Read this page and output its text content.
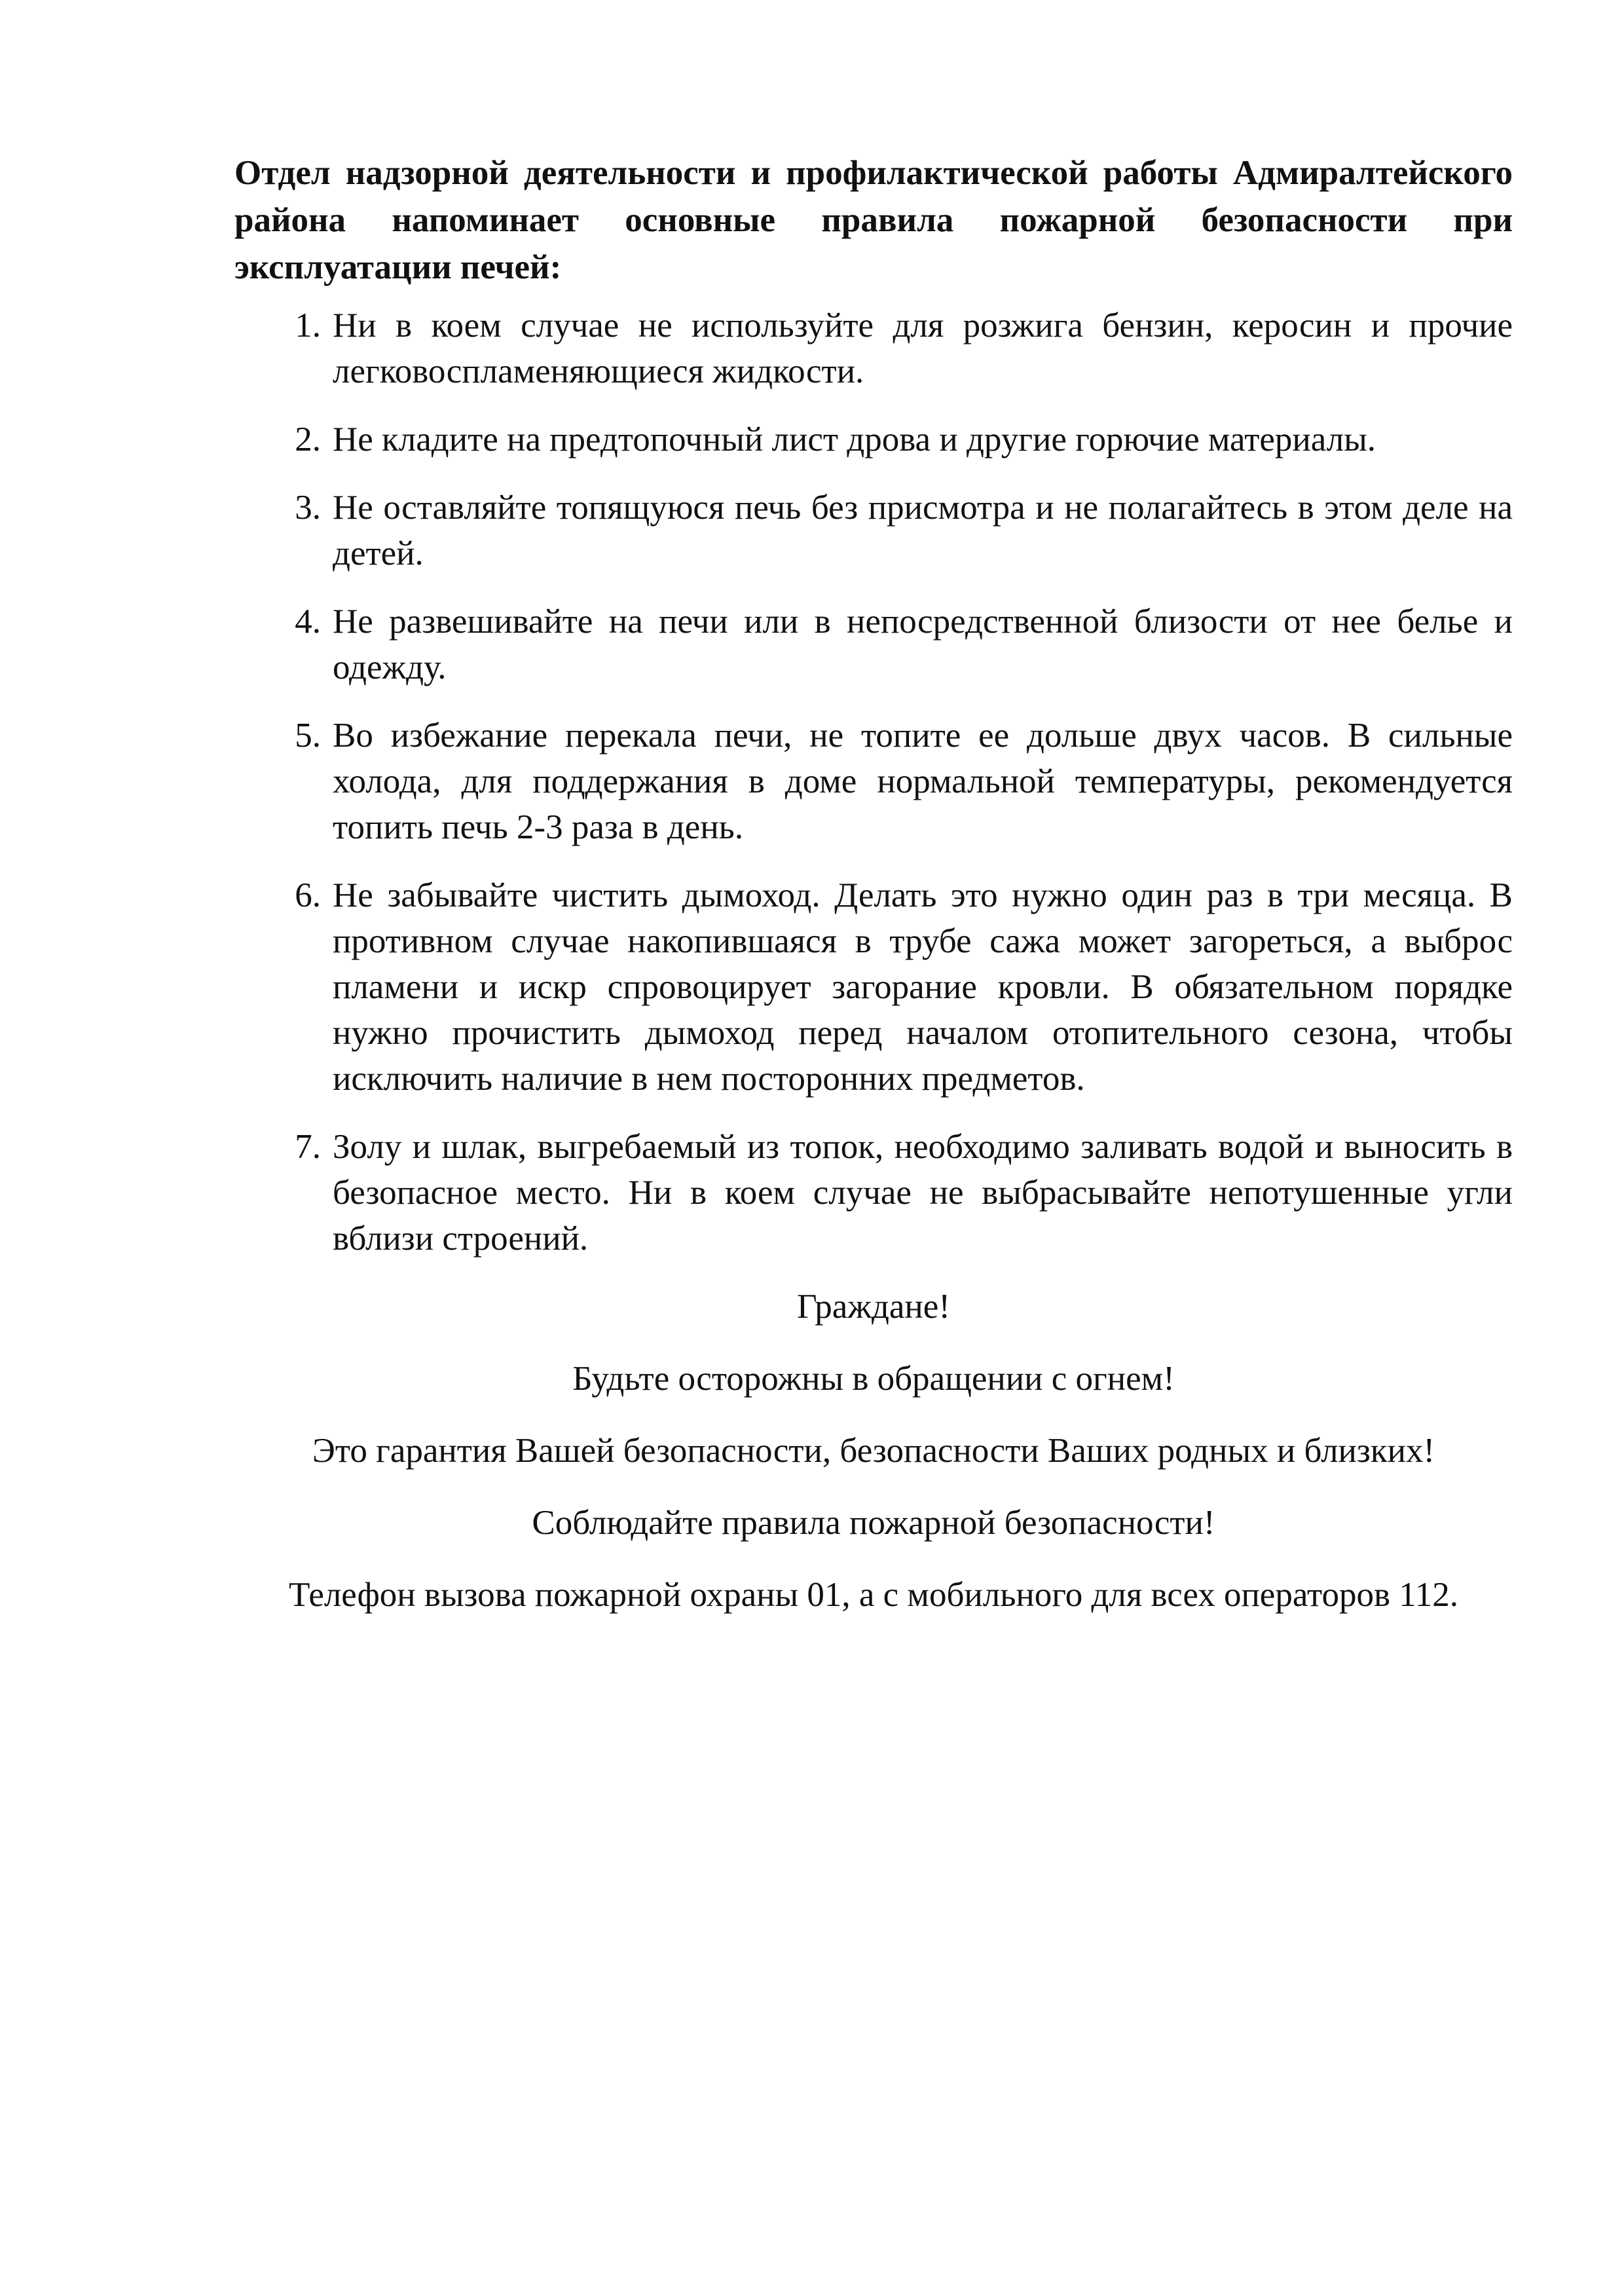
Отдел надзорной деятельности и профилактической работы Адмиралтейского района напоминает основные правила пожарной безопасности при эксплуатации печей:

1. Ни в коем случае не используйте для розжига бензин, керосин и прочие легковоспламеняющиеся жидкости.
2. Не кладите на предтопочный лист дрова и другие горючие материалы.
3. Не оставляйте топящуюся печь без присмотра и не полагайтесь в этом деле на детей.
4. Не развешивайте на печи или в непосредственной близости от нее белье и одежду.
5. Во избежание перекала печи, не топите ее дольше двух часов. В сильные холода, для поддержания в доме нормальной температуры, рекомендуется топить печь 2-3 раза в день.
6. Не забывайте чистить дымоход. Делать это нужно один раз в три месяца. В противном случае накопившаяся в трубе сажа может загореться, а выброс пламени и искр спровоцирует загорание кровли. В обязательном порядке нужно прочистить дымоход перед началом отопительного сезона, чтобы исключить наличие в нем посторонних предметов.
7. Золу и шлак, выгребаемый из топок, необходимо заливать водой и выносить в безопасное место. Ни в коем случае не выбрасывайте непотушенные угли вблизи строений.

Граждане!

Будьте осторожны в обращении с огнем!

Это гарантия Вашей безопасности, безопасности Ваших родных и близких!

Соблюдайте правила пожарной безопасности!

Телефон вызова пожарной охраны 01, а с мобильного для всех операторов 112.
